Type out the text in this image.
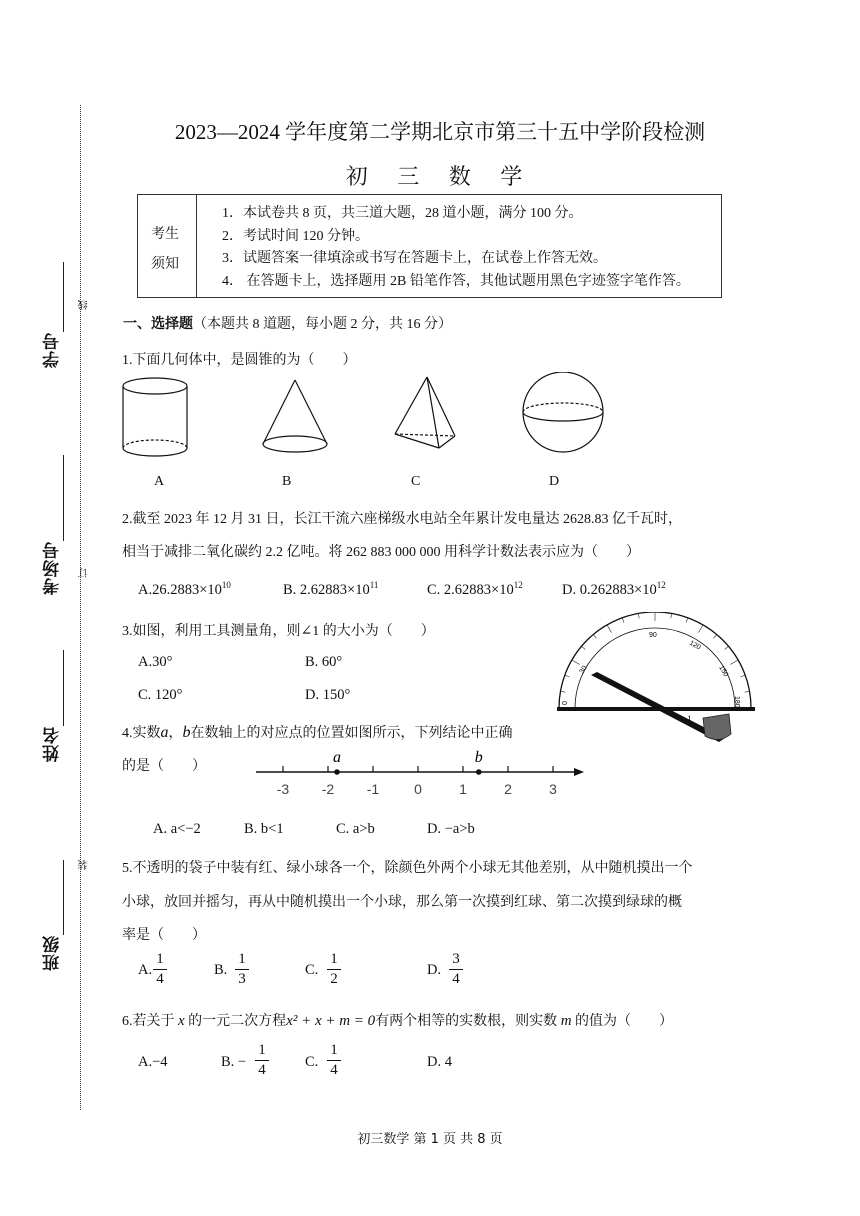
学号
线
考场号 订
姓名
班级
装
2023—2024 学年度第二学期北京市第三十五中学阶段检测
初 三 数 学
考生
须知
1．本试卷共 8 页，共三道大题，28 道小题，满分 100 分。
2．考试时间 120 分钟。
3．试题答案一律填涂或书写在答题卡上，在试卷上作答无效。
4． 在答题卡上，选择题用 2B 铅笔作答，其他试题用黑色字迹签字笔作答。
一、选择题（本题共 8 道题，每小题 2 分，共 16 分）
1.下面几何体中，是圆锥的为（　　）
A	B	C	D
2.截至 2023 年 12 月 31 日，长江干流六座梯级水电站全年累计发电量达 2628.83 亿千瓦时，
相当于减排二氧化碳约 2.2 亿吨。将 262 883 000 000 用科学计数法表示应为（　　）
$A.26.2883\times 10^{10}$	B. $2.62883\times 10^{11}$	C. $2.62883\times 10^{12}$	D. $0.262883\times 10^{12}$
3.如图，利用工具测量角，则∠1 的大小为（　　）
A.30°	B. 60°
C. 120°	D. 150°
0
30
90
120
150
180
1
4.实数a，b在数轴上的对应点的位置如图所示，下列结论中正确
的是（　　）
-3 -2 -1 0	1	2	3
a	b
A. a<−2	B. b<1	C. a>b	D. −a>b
5.不透明的袋子中装有红、绿小球各一个，除颜色外两个小球无其他差别，从中随机摸出一个
小球，放回并摇匀，再从中随机摸出一个小球，那么第一次摸到红球、第二次摸到绿球的概
率是（　　）
A.
1
4
B.
1
3
C.
1
2
D.
3
4
6.若关于 x 的一元二次方程x² + x + m = 0有两个相等的实数根，则实数 m 的值为（　　）
A.−4	B. −
1
4	C.
1
4	D. 4
初三数学 第 1 页 共 8 页
